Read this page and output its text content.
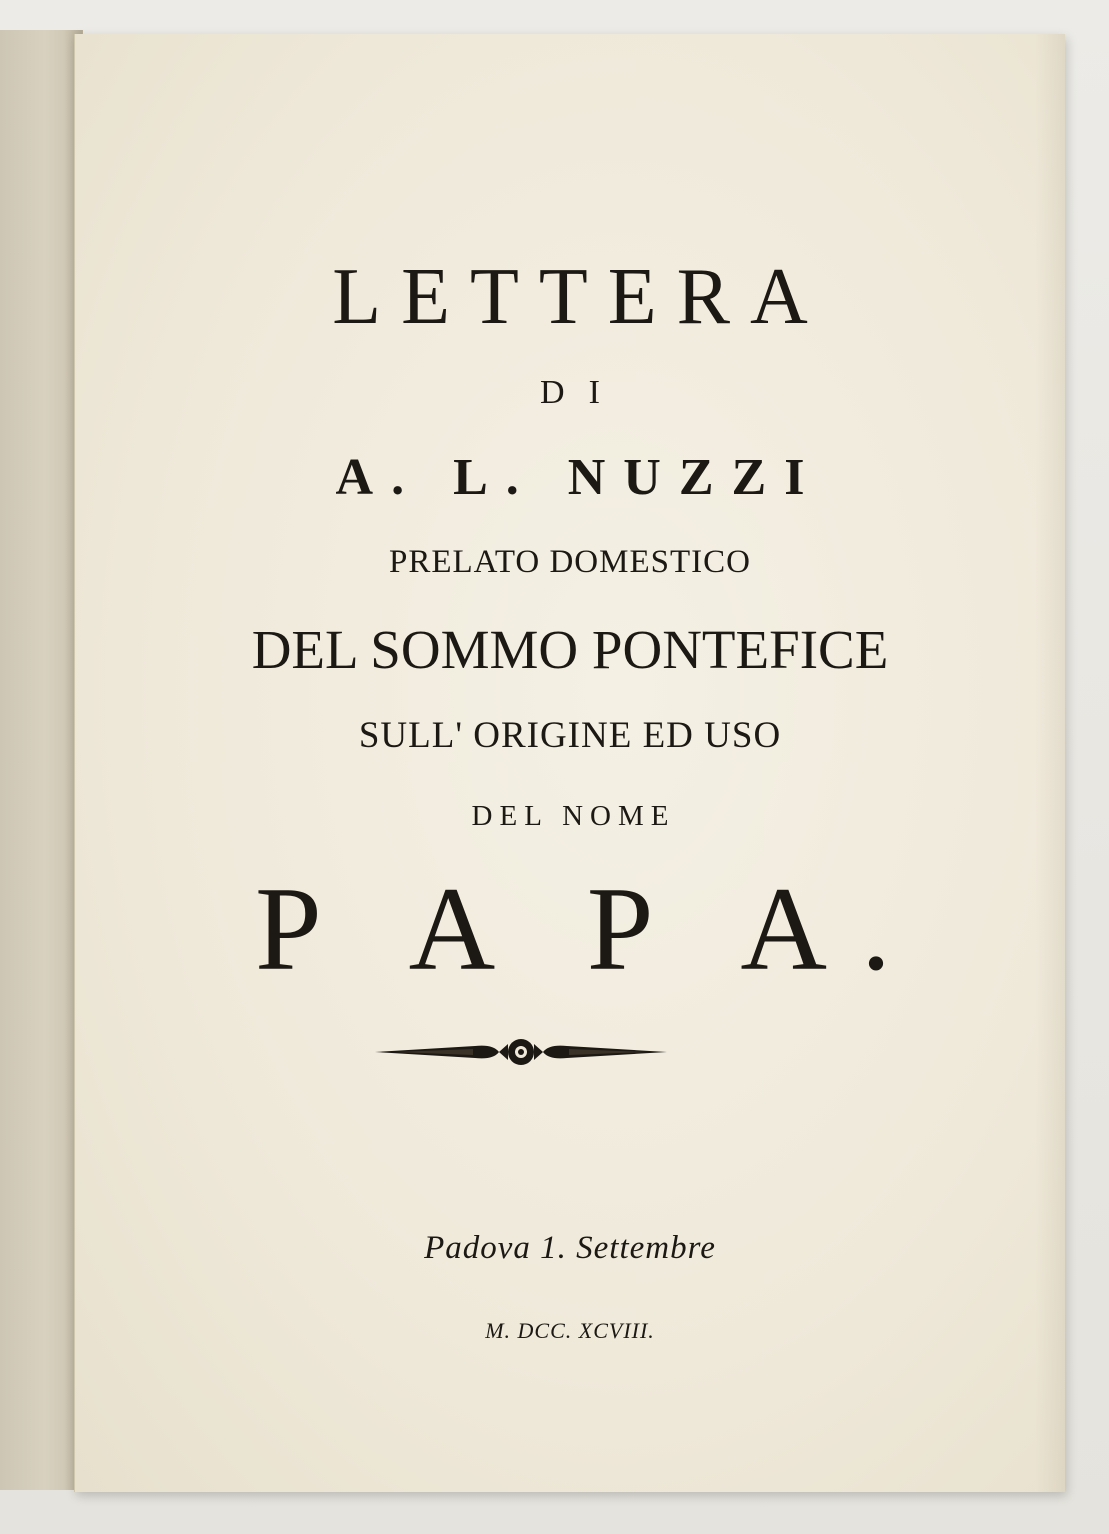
LETTERA
DI
A. L. NUZZI
PRELATO DOMESTICO
DEL SOMMO PONTEFICE
SULL' ORIGINE ED USO
DEL NOME
P A P A.
Padova 1. Settembre
M. DCC. XCVIII.
